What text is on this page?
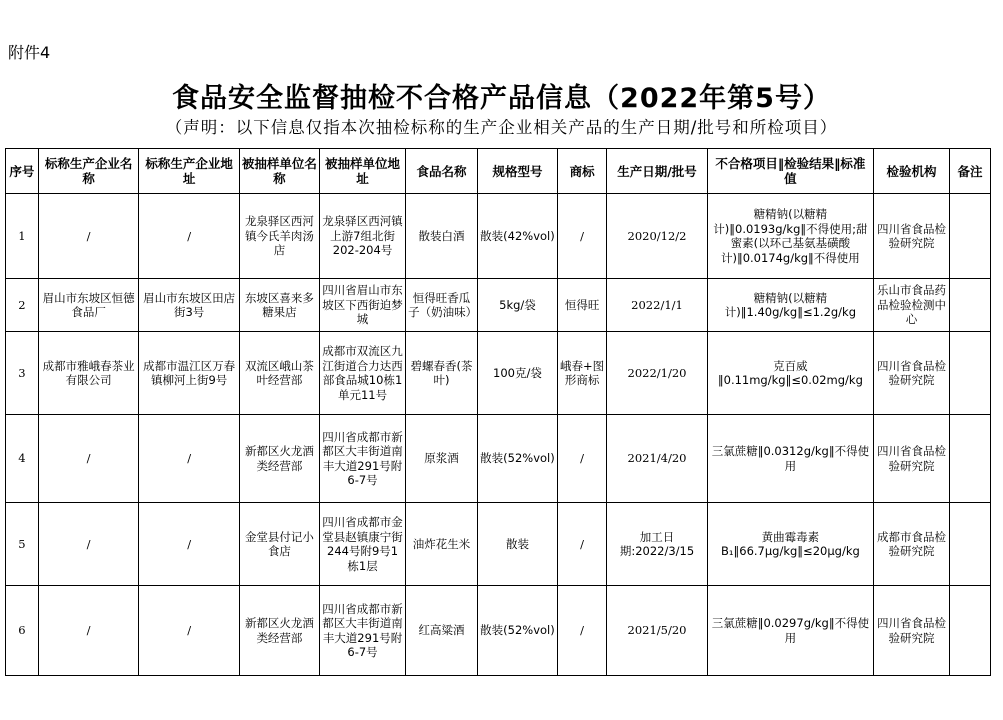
附件4
食品安全监督抽检不合格产品信息（2022年第5号）
（声明：以下信息仅指本次抽检标称的生产企业相关产品的生产日期/批号和所检项目）
序号	标称生产企业名称	标称生产企业地址	被抽样单位名称	被抽样单位地址	食品名称	规格型号	商标	生产日期/批号	不合格项目‖检验结果‖标准值	检验机构	备注
1	/	/	龙泉驿区西河镇今氏羊肉汤店	龙泉驿区西河镇上游7组北街202-204号	散装白酒	散装(42%vol)	/	2020/12/2	糖精钠(以糖精计)‖0.0193g/kg‖不得使用;甜蜜素(以环己基氨基磺酸计)‖0.0174g/kg‖不得使用	四川省食品检验研究院	
2	眉山市东坡区恒德食品厂	眉山市东坡区田店街3号	东坡区喜来多糖果店	四川省眉山市东坡区下西街迫梦城	恒得旺香瓜子（奶油味）	5kg/袋	恒得旺	2022/1/1	糖精钠(以糖精计)‖1.40g/kg‖≤1.2g/kg	乐山市食品药品检验检测中心	
3	成都市雅峨春茶业有限公司	成都市温江区万春镇柳河上街9号	双流区峨山茶叶经营部	成都市双流区九江街道合力达西部食品城10栋1单元11号	碧螺春香(茶叶)	100克/袋	峨春+图形商标	2022/1/20	克百威‖0.11mg/kg‖≤0.02mg/kg	四川省食品检验研究院	
4	/	/	新都区火龙酒类经营部	四川省成都市新都区大丰街道南丰大道291号附6-7号	原浆酒	散装(52%vol)	/	2021/4/20	三氯蔗糖‖0.0312g/kg‖不得使用	四川省食品检验研究院	
5	/	/	金堂县付记小食店	四川省成都市金堂县赵镇康宁街244号附9号1栋1层	油炸花生米	散装	/	加工日期:2022/3/15	黄曲霉毒素B₁‖66.7μg/kg‖≤20μg/kg	成都市食品检验研究院	
6	/	/	新都区火龙酒类经营部	四川省成都市新都区大丰街道南丰大道291号附6-7号	红高粱酒	散装(52%vol)	/	2021/5/20	三氯蔗糖‖0.0297g/kg‖不得使用	四川省食品检验研究院	
